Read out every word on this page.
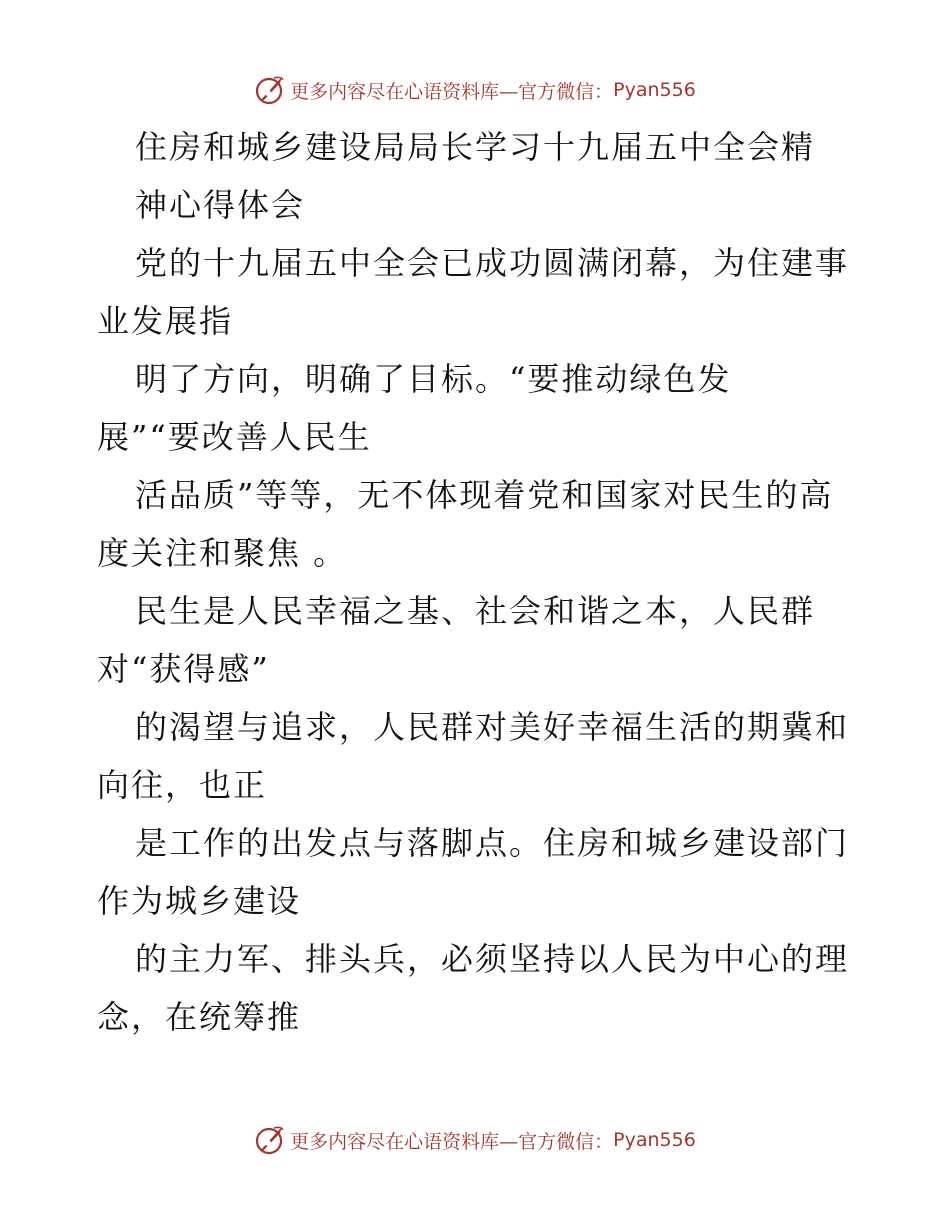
更多内容尽在心语资料库—官方微信： Pyan556
住房和城乡建设局局长学习十九届五中全会精
神心得体会
党的十九届五中全会已成功圆满闭幕，为住建事
业发展指
明了方向，明确了目标。“要推动绿色发
展”“要改善人民生
活品质”等等，无不体现着党和国家对民生的高
度关注和聚焦 。
民生是人民幸福之基、社会和谐之本，人民群
对“获得感”
的渴望与追求，人民群对美好幸福生活的期冀和
向往，也正
是工作的出发点与落脚点。住房和城乡建设部门
作为城乡建设
的主力军、排头兵，必须坚持以人民为中心的理
念，在统筹推
更多内容尽在心语资料库—官方微信： Pyan556
